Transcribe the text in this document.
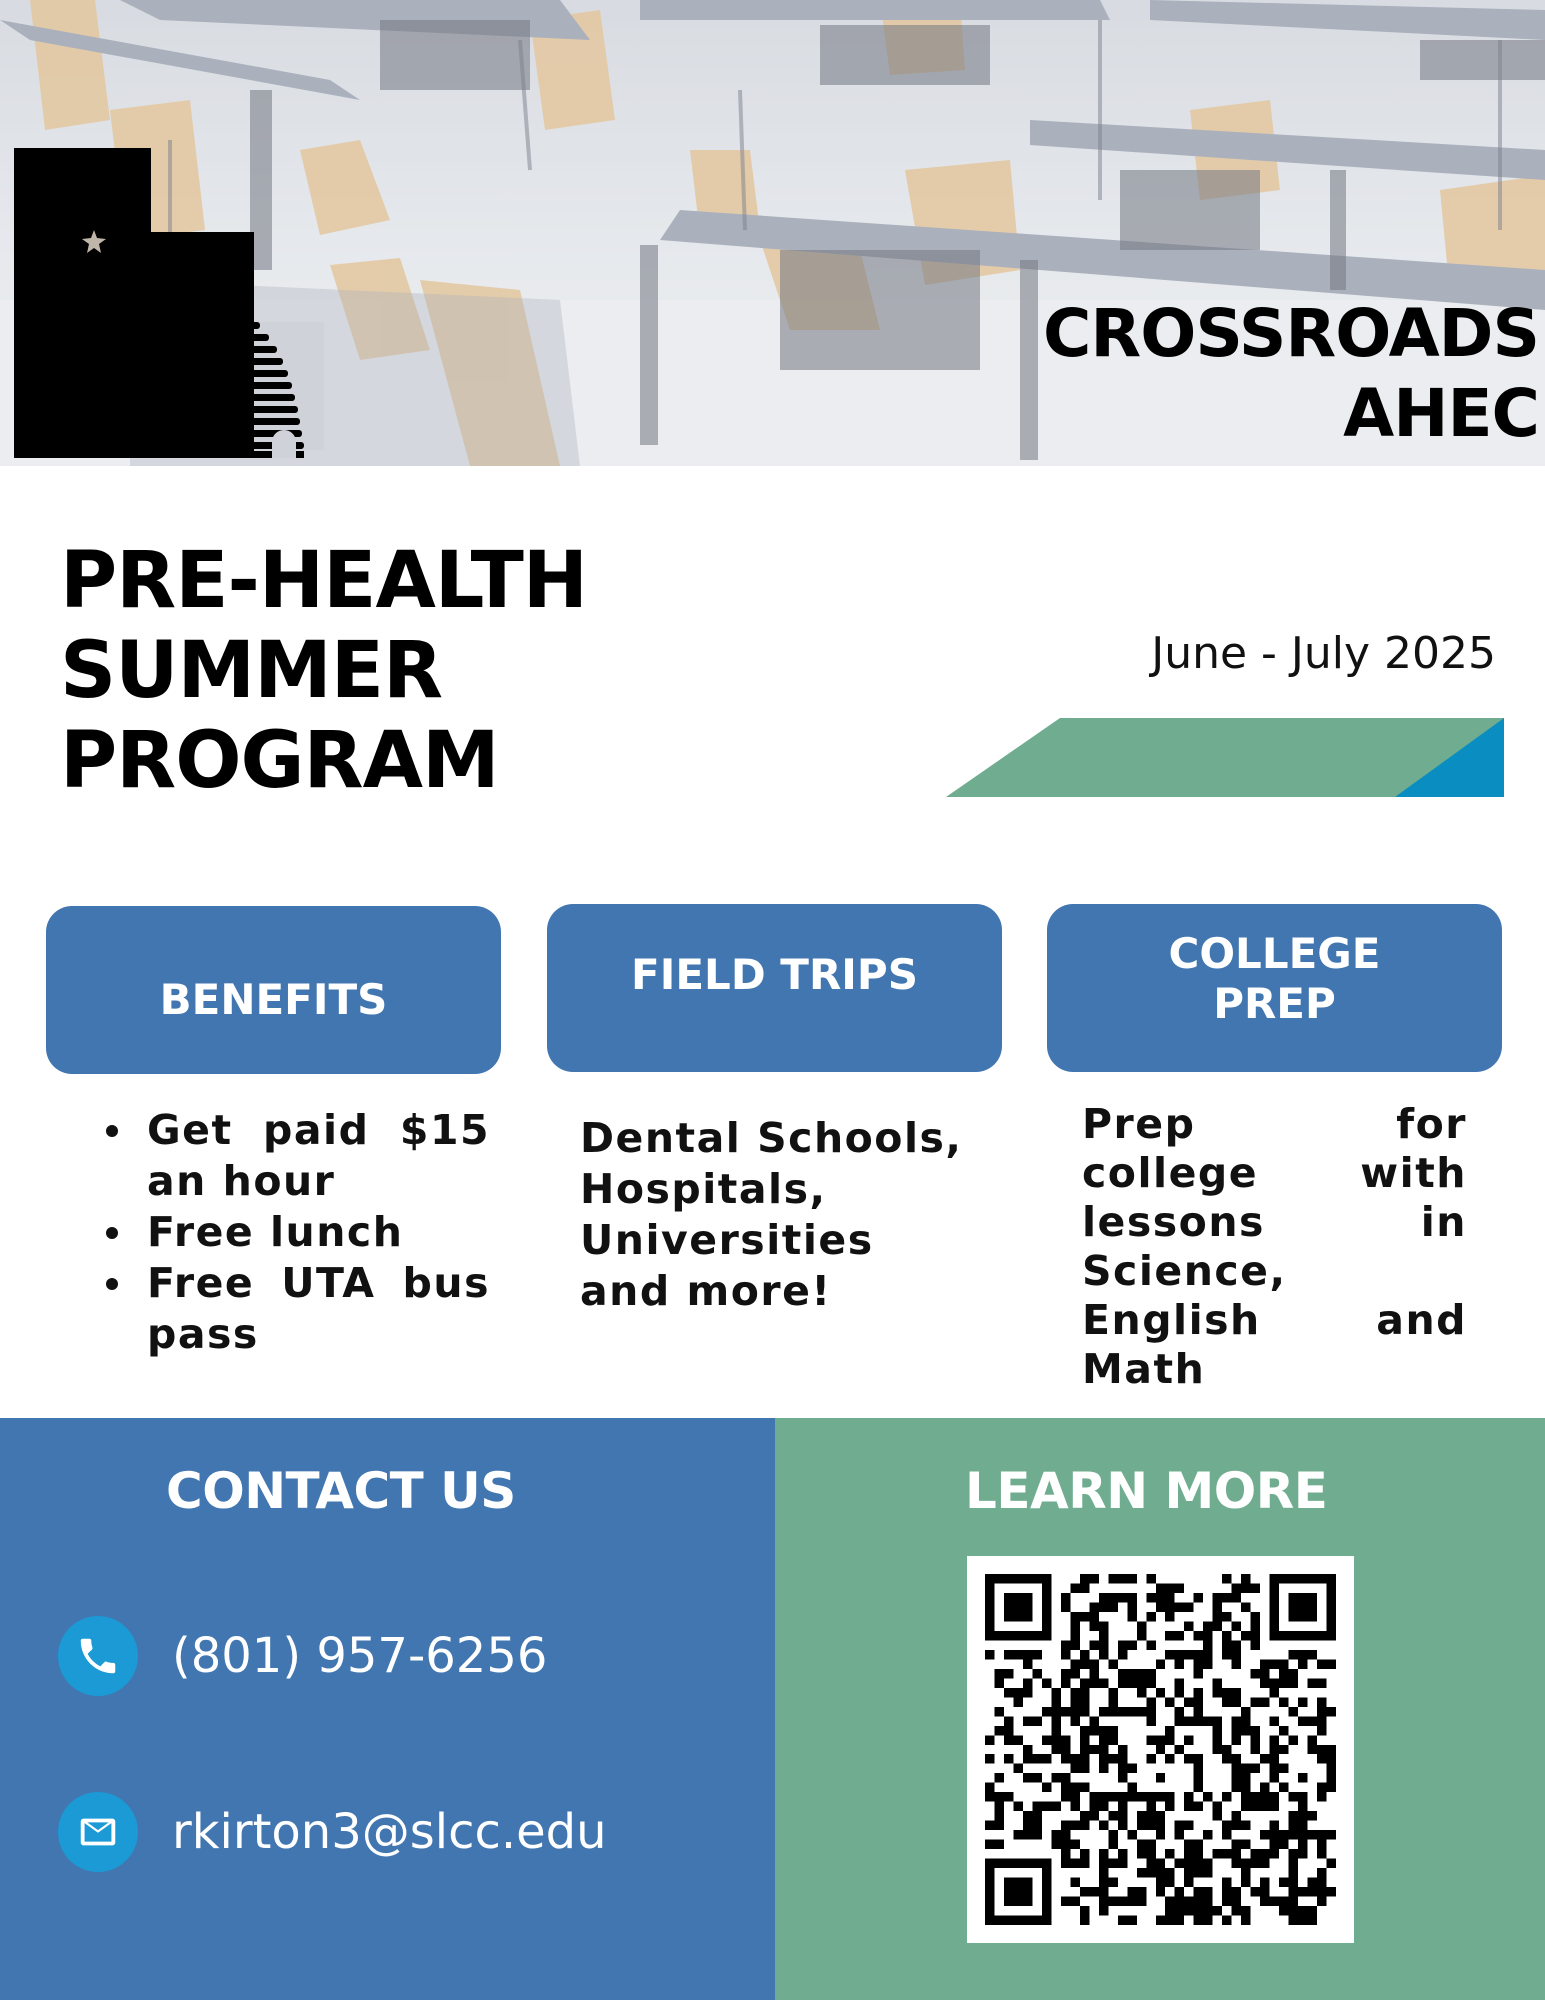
CROSSROADS
AHEC
PRE-HEALTH
SUMMER
PROGRAM
June - July 2025
BENEFITS
FIELD TRIPS	COLLEGE
PREP
Get paid $15 an hour
Free lunch
Free UTA bus pass
Dental Schools,
Hospitals,
Universities
and more!

Prep for college with lessons in Science, English and Math

CONTACT US	LEARN MORE
(801) 957-6256
rkirton3@slcc.edu
